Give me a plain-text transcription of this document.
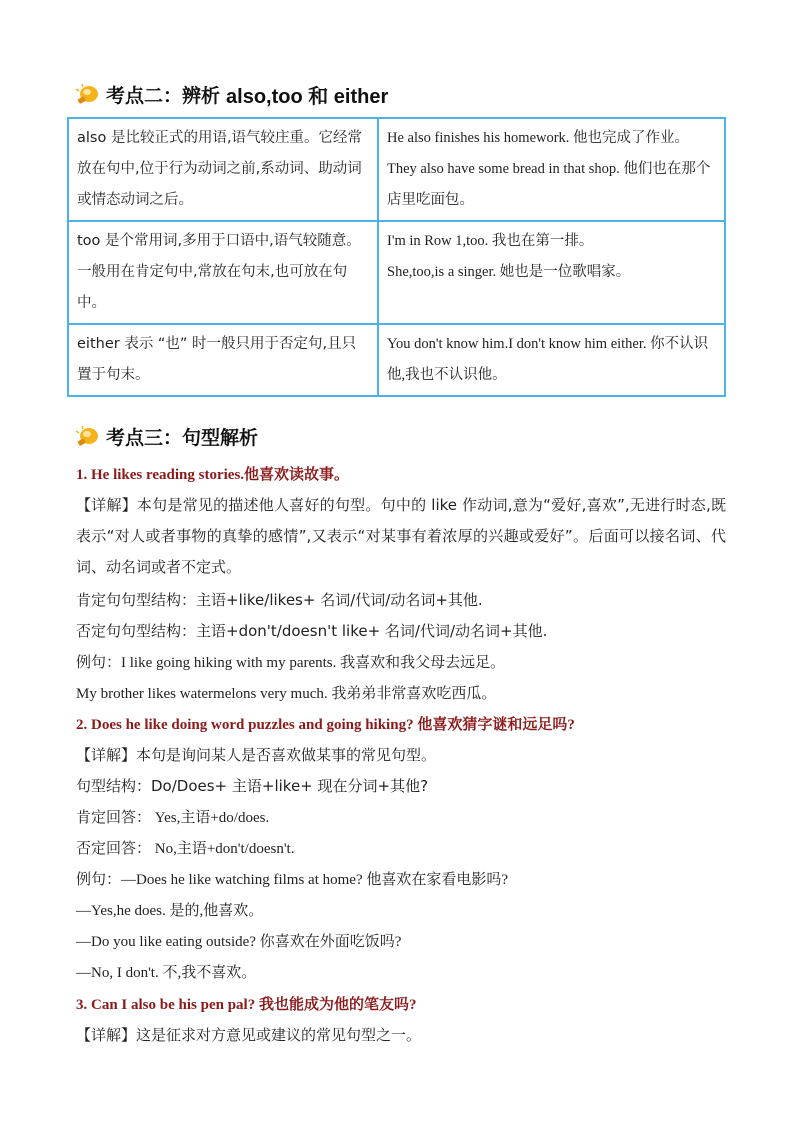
考点二：辨析 also,too 和 either
also 是比较正式的用语,语气较庄重。它经常放在句中,位于行为动词之前,系动词、助动词或情态动词之后。	He also finishes his homework. 他也完成了作业。
They also have some bread in that shop. 他们也在那个店里吃面包。

too 是个常用词,多用于口语中,语气较随意。一般用在肯定句中,常放在句末,也可放在句中。	I'm in Row 1,too. 我也在第一排。
She,too,is a singer. 她也是一位歌唱家。

either 表示 “也” 时一般只用于否定句,且只置于句末。	You don't know him.I don't know him either. 你不认识他,我也不认识他。
考点三：句型解析
1. He likes reading stories.他喜欢读故事。
【详解】本句是常见的描述他人喜好的句型。句中的 like 作动词,意为“爱好,喜欢”,无进行时态,既表示“对人或者事物的真挚的感情”,又表示“对某事有着浓厚的兴趣或爱好”。后面可以接名词、代词、动名词或者不定式。
肯定句句型结构：主语+like/likes+ 名词/代词/动名词+其他.
否定句句型结构：主语+don't/doesn't like+ 名词/代词/动名词+其他.
例句：I like going hiking with my parents. 我喜欢和我父母去远足。
My brother likes watermelons very much. 我弟弟非常喜欢吃西瓜。
2. Does he like doing word puzzles and going hiking? 他喜欢猜字谜和远足吗?
【详解】本句是询问某人是否喜欢做某事的常见句型。
句型结构：Do/Does+ 主语+like+ 现在分词+其他?
肯定回答： Yes,主语+do/does.
否定回答： No,主语+don't/doesn't.
例句：—Does he like watching films at home? 他喜欢在家看电影吗?
—Yes,he does. 是的,他喜欢。
—Do you like eating outside? 你喜欢在外面吃饭吗?
—No, I don't. 不,我不喜欢。
3. Can I also be his pen pal? 我也能成为他的笔友吗?
【详解】这是征求对方意见或建议的常见句型之一。
